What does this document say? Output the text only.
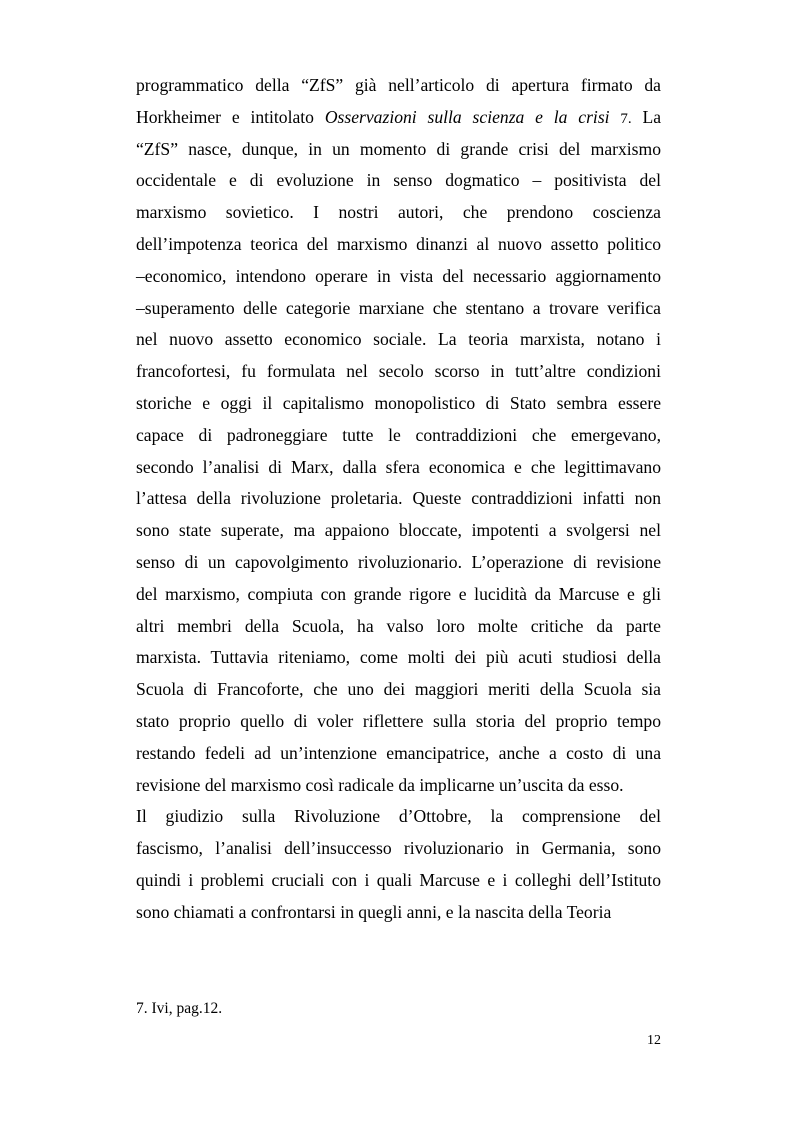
programmatico della “ZfS” già nell’articolo di apertura firmato da
Horkheimer e intitolato Osservazioni sulla scienza e la crisi 7. La
“ZfS” nasce, dunque, in un momento di grande crisi del marxismo
occidentale e di evoluzione in senso dogmatico – positivista del
marxismo sovietico. I nostri autori, che prendono coscienza
dell’impotenza teorica del marxismo dinanzi al nuovo assetto politico
–economico, intendono operare in vista del necessario aggiornamento
–superamento delle categorie marxiane che stentano a trovare verifica
nel nuovo assetto economico sociale. La teoria marxista, notano i
francofortesi, fu formulata nel secolo scorso in tutt’altre condizioni
storiche e oggi il capitalismo monopolistico di Stato sembra essere
capace di padroneggiare tutte le contraddizioni che emergevano,
secondo l’analisi di Marx, dalla sfera economica e che legittimavano
l’attesa della rivoluzione proletaria. Queste contraddizioni infatti non
sono state superate, ma appaiono bloccate, impotenti a svolgersi nel
senso di un capovolgimento rivoluzionario. L’operazione di revisione
del marxismo, compiuta con grande rigore e lucidità da Marcuse e gli
altri membri della Scuola, ha valso loro molte critiche da parte
marxista. Tuttavia riteniamo, come molti dei più acuti studiosi della
Scuola di Francoforte, che uno dei maggiori meriti della Scuola sia
stato proprio quello di voler riflettere sulla storia del proprio tempo
restando fedeli ad un’intenzione emancipatrice, anche a costo di una
revisione del marxismo così radicale da implicarne un’uscita da esso.
Il giudizio sulla Rivoluzione d’Ottobre, la comprensione del
fascismo, l’analisi dell’insuccesso rivoluzionario in Germania, sono
quindi i problemi cruciali con i quali Marcuse e i colleghi dell’Istituto
sono chiamati a confrontarsi in quegli anni, e la nascita della Teoria
7. Ivi, pag.12.
12
